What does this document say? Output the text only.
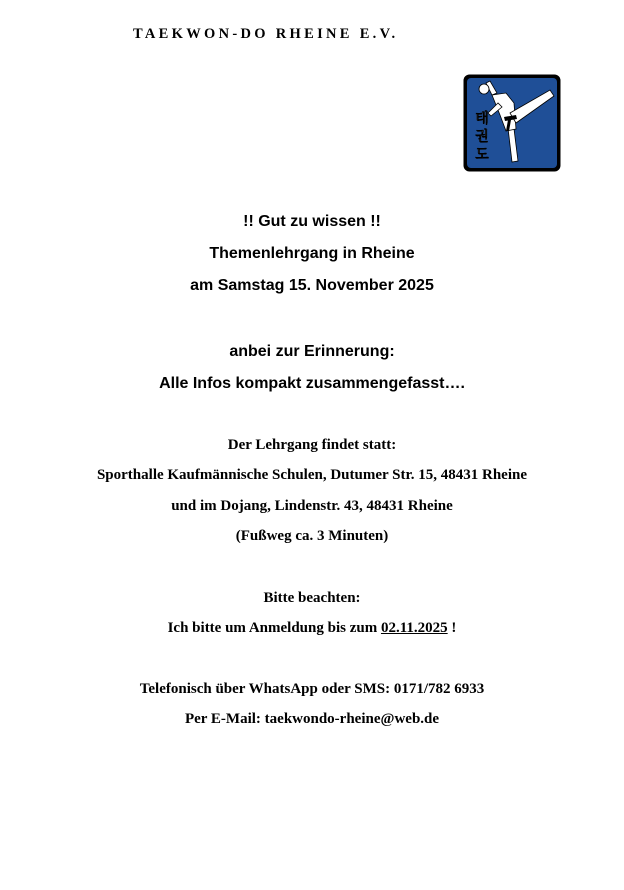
TAEKWON-DO RHEINE E.V.
태
권
도
!! Gut zu wissen !!
Themenlehrgang in Rheine
am Samstag 15. November 2025
anbei zur Erinnerung:
Alle Infos kompakt zusammengefasst….
Der Lehrgang findet statt:
Sporthalle Kaufmännische Schulen, Dutumer Str. 15, 48431 Rheine
und im Dojang, Lindenstr. 43, 48431 Rheine
(Fußweg ca. 3 Minuten)
Bitte beachten:
Ich bitte um Anmeldung bis zum 02.11.2025 !
Telefonisch über WhatsApp oder SMS: 0171/782 6933
Per E-Mail: taekwondo-rheine@web.de
